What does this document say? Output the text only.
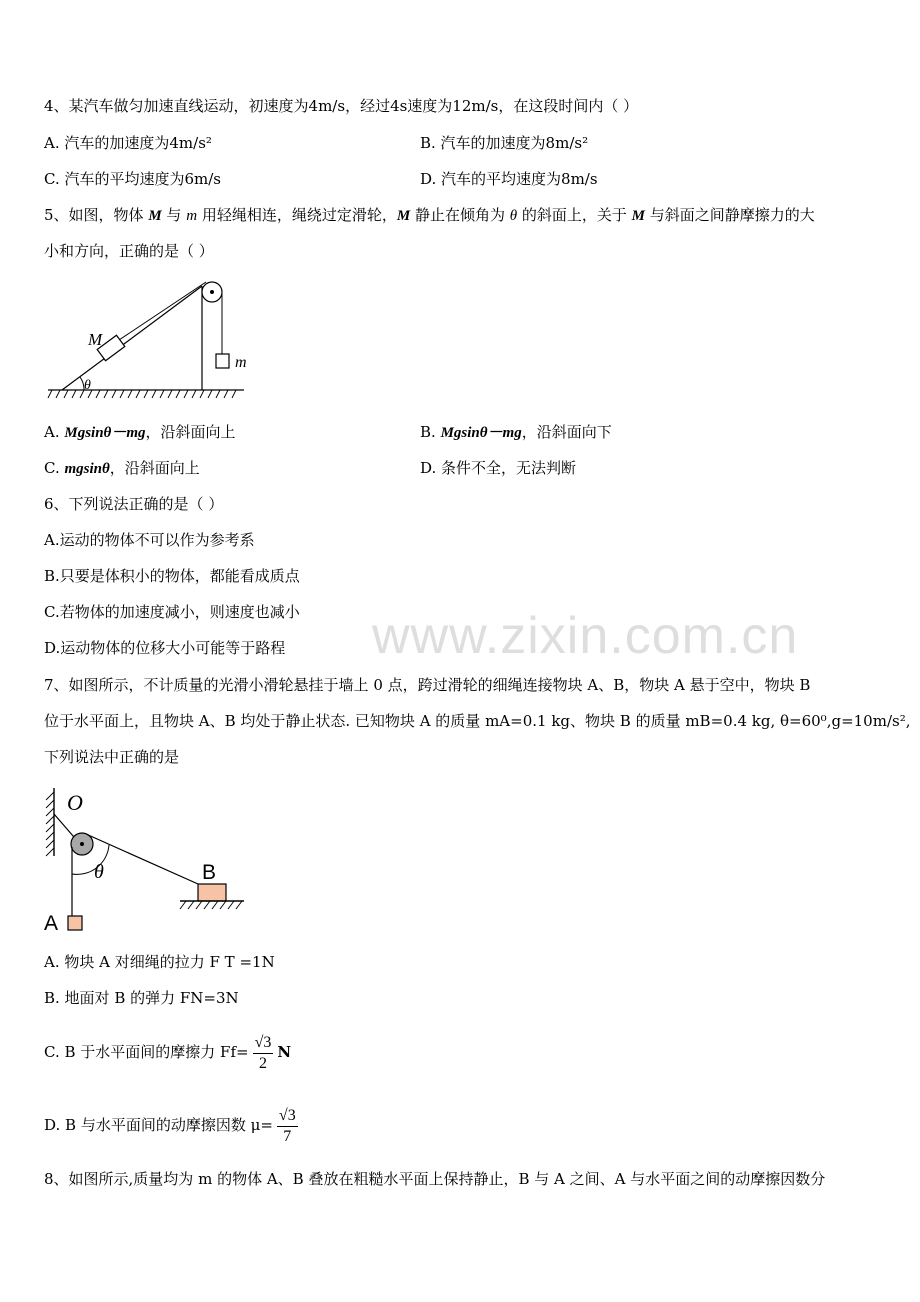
www.zixin.com.cn
4、某汽车做匀加速直线运动，初速度为4m/s，经过4s速度为12m/s，在这段时间内（ ）
A. 汽车的加速度为4m/s²	B. 汽车的加速度为8m/s²
C. 汽车的平均速度为6m/s	D. 汽车的平均速度为8m/s
5、如图，物体 M 与 m 用轻绳相连，绳绕过定滑轮，M 静止在倾角为 θ 的斜面上，关于 M 与斜面之间静摩擦力的大
小和方向，正确的是（ ）
M
m
θ
A. Mgsinθ－mg，沿斜面向上	B. Mgsinθ－mg，沿斜面向下
C. mgsinθ，沿斜面向上	D. 条件不全，无法判断
6、下列说法正确的是（ ）
A.运动的物体不可以作为参考系
B.只要是体积小的物体，都能看成质点
C.若物体的加速度减小，则速度也减小
D.运动物体的位移大小可能等于路程
7、如图所示，不计质量的光滑小滑轮悬挂于墙上 0 点，跨过滑轮的细绳连接物块 A、B，物块 A 悬于空中，物块 B
位于水平面上，且物块 A、B 均处于静止状态. 已知物块 A 的质量 mA=0.1 kg、物块 B 的质量 mB=0.4 kg, θ=60⁰,g=10m/s²,
下列说法中正确的是
O
θ	B
A
A. 物块 A 对细绳的拉力 F T =1N
B. 地面对 B 的弹力 FN=3N
C. B 于水平面间的摩擦力 $Ff= \frac{√3}{2}$ N
D. B 与水平面间的动摩擦因数 $\mu= \frac{√3}{7}$
8、如图所示,质量均为 m 的物体 A、B 叠放在粗糙水平面上保持静止，B 与 A 之间、A 与水平面之间的动摩擦因数分
